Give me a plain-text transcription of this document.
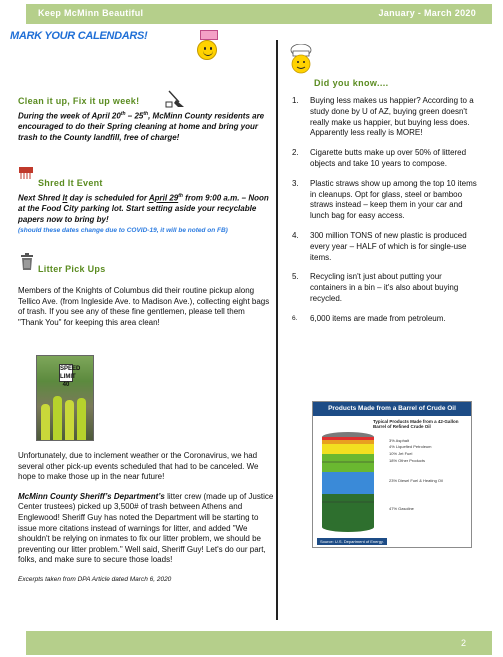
Keep McMinn Beautiful	January - March 2020
MARK YOUR CALENDARS!
Clean it up, Fix it up week!

During the week of April 20th – 25th, McMinn County residents are encouraged to do their Spring cleaning at home and bring your trash to the County landfill, free of charge!

Shred It Event

Next Shred It day is scheduled for April 29th from 9:00 a.m. – Noon at the Food City parking lot. Start setting aside your recyclable papers now to bring by!

(should these dates change due to COVID-19, it will be noted on FB)

Litter Pick Ups

Members of the Knights of Columbus did their routine pickup along Tellico Ave. (from Ingleside Ave. to Madison Ave.), collecting eight bags of trash. If you see any of these fine gentlemen, please tell them "Thank You" for keeping this area clean!

SPEED LIMIT 40

Unfortunately, due to inclement weather or the Coronavirus, we had several other pick-up events scheduled that had to be canceled. We hope to make those up in the near future!

McMinn County Sheriff’s Department’s litter crew (made up of Justice Center trustees) picked up 3,500# of trash between Athens and Englewood! Sheriff Guy has noted the Department will be starting to issue more citations instead of warnings for litter, and added "We shouldn't be relying on inmates to fix our litter problem, we should be preventing our litter problem." Well said, Sheriff Guy! Let's do our part, folks, and make sure to secure those loads!

Excerpts taken from DPA Article dated March 6, 2020

Did you know....
1. Buying less makes us happier? According to a study done by U of AZ, buying green doesn't really make us happier, but buying less does. Apparently less really is MORE!
2. Cigarette butts make up over 50% of littered objects and take 10 years to compose.
3. Plastic straws show up among the top 10 items in cleanups. Opt for glass, steel or bamboo straws instead – keep them in your car and lunch bag for easy access.
4. 300 million TONS of new plastic is produced every year – HALF of which is for single-use items.
5. Recycling isn't just about putting your containers in a bin – it's also about buying recycled.
6. 6,000 items are made from petroleum.
Products Made from a Barrel of Crude Oil
Typical Products Made from a 42-Gallon Barrel of Refined Crude Oil
3% Asphalt
4% Liquefied Petroleum
10% Jet Fuel
18% Other Products
23% Diesel Fuel & Heating Oil
47% Gasoline
Source: U.S. Department of Energy.
2
